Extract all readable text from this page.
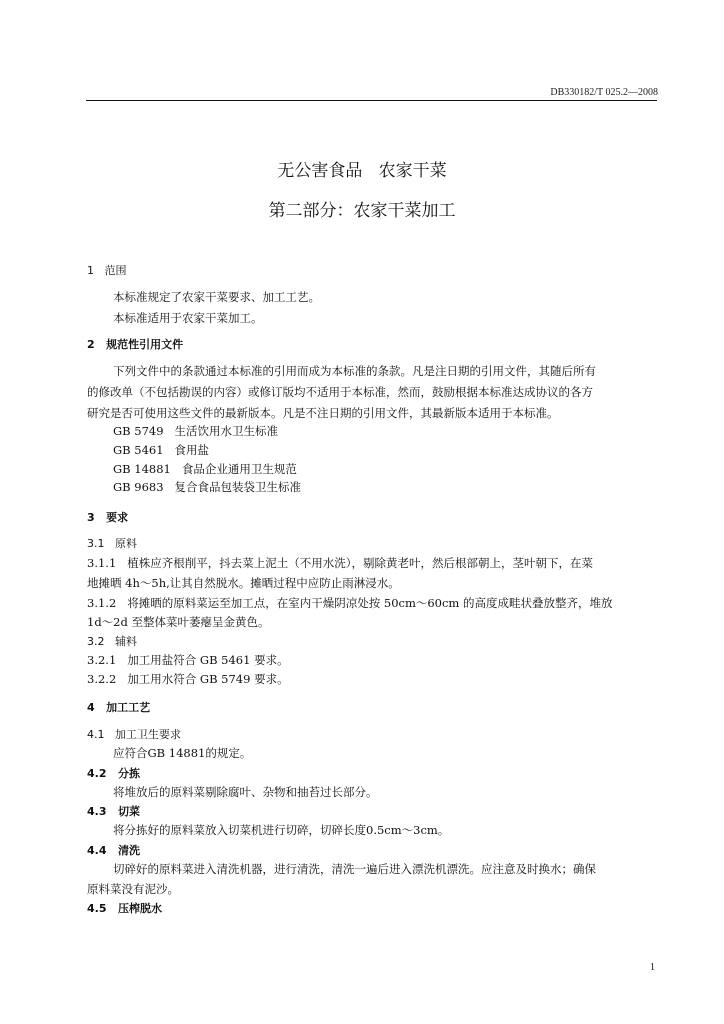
DB330182/T 025.2—2008
无公害食品   农家干菜
第二部分：农家干菜加工
1   范围
本标准规定了农家干菜要求、加工工艺。
本标准适用于农家干菜加工。
2   规范性引用文件
下列文件中的条款通过本标准的引用而成为本标准的条款。凡是注日期的引用文件，其随后所有
的修改单（不包括勘误的内容）或修订版均不适用于本标准，然而，鼓励根据本标准达成协议的各方
研究是否可使用这些文件的最新版本。凡是不注日期的引用文件，其最新版本适用于本标准。
GB 5749   生活饮用水卫生标准
GB 5461   食用盐
GB 14881   食品企业通用卫生规范
GB 9683   复合食品包装袋卫生标准
3   要求
3.1   原料
3.1.1   植株应齐根削平，抖去菜上泥土（不用水洗），剔除黄老叶，然后根部朝上，茎叶朝下，在菜
地摊晒 4h～5h,让其自然脱水。摊晒过程中应防止雨淋浸水。
3.1.2   将摊晒的原料菜运至加工点，在室内干燥阴凉处按 50cm～60cm 的高度成畦状叠放整齐，堆放
1d～2d 至整体菜叶萎瘪呈金黄色。
3.2   辅料
3.2.1   加工用盐符合 GB 5461 要求。
3.2.2   加工用水符合 GB 5749 要求。
4   加工工艺
4.1   加工卫生要求
应符合GB 14881的规定。
4.2   分拣
将堆放后的原料菜剔除腐叶、杂物和抽苔过长部分。
4.3   切菜
将分拣好的原料菜放入切菜机进行切碎，切碎长度0.5cm～3cm。
4.4   清洗
切碎好的原料菜进入清洗机器，进行清洗，清洗一遍后进入漂洗机漂洗。应注意及时换水；确保
原料菜没有泥沙。
4.5   压榨脱水
1
